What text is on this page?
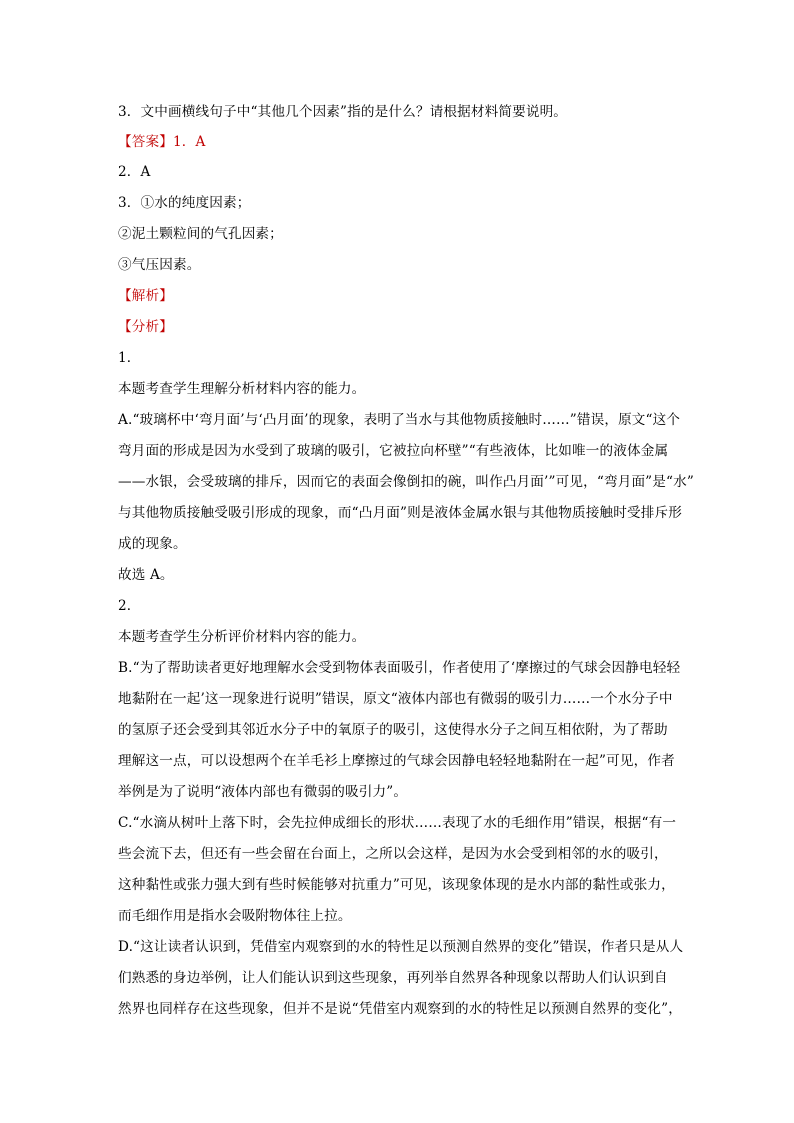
3．文中画横线句子中“其他几个因素”指的是什么？请根据材料简要说明。
【答案】1．A
2．A
3．①水的纯度因素；
②泥土颗粒间的气孔因素；
③气压因素。
【解析】
【分析】
1．
本题考查学生理解分析材料内容的能力。
A.“玻璃杯中‘弯月面’与‘凸月面’的现象，表明了当水与其他物质接触时……”错误，原文“这个
弯月面的形成是因为水受到了玻璃的吸引，它被拉向杯壁”“有些液体，比如唯一的液体金属
——水银，会受玻璃的排斥，因而它的表面会像倒扣的碗，叫作凸月面’”可见，“弯月面”是“水”
与其他物质接触受吸引形成的现象，而“凸月面”则是液体金属水银与其他物质接触时受排斥形
成的现象。
故选 A。
2．
本题考查学生分析评价材料内容的能力。
B.“为了帮助读者更好地理解水会受到物体表面吸引，作者使用了‘摩擦过的气球会因静电轻轻
地黏附在一起’这一现象进行说明”错误，原文“液体内部也有微弱的吸引力……一个水分子中
的氢原子还会受到其邻近水分子中的氧原子的吸引，这使得水分子之间互相依附，为了帮助
理解这一点，可以设想两个在羊毛衫上摩擦过的气球会因静电轻轻地黏附在一起”可见，作者
举例是为了说明“液体内部也有微弱的吸引力”。
C.“水滴从树叶上落下时，会先拉伸成细长的形状……表现了水的毛细作用”错误，根据“有一
些会流下去，但还有一些会留在台面上，之所以会这样，是因为水会受到相邻的水的吸引，
这种黏性或张力强大到有些时候能够对抗重力”可见，该现象体现的是水内部的黏性或张力，
而毛细作用是指水会吸附物体往上拉。
D.“这让读者认识到，凭借室内观察到的水的特性足以预测自然界的变化”错误，作者只是从人
们熟悉的身边举例，让人们能认识到这些现象，再列举自然界各种现象以帮助人们认识到自
然界也同样存在这些现象，但并不是说“凭借室内观察到的水的特性足以预测自然界的变化”，
